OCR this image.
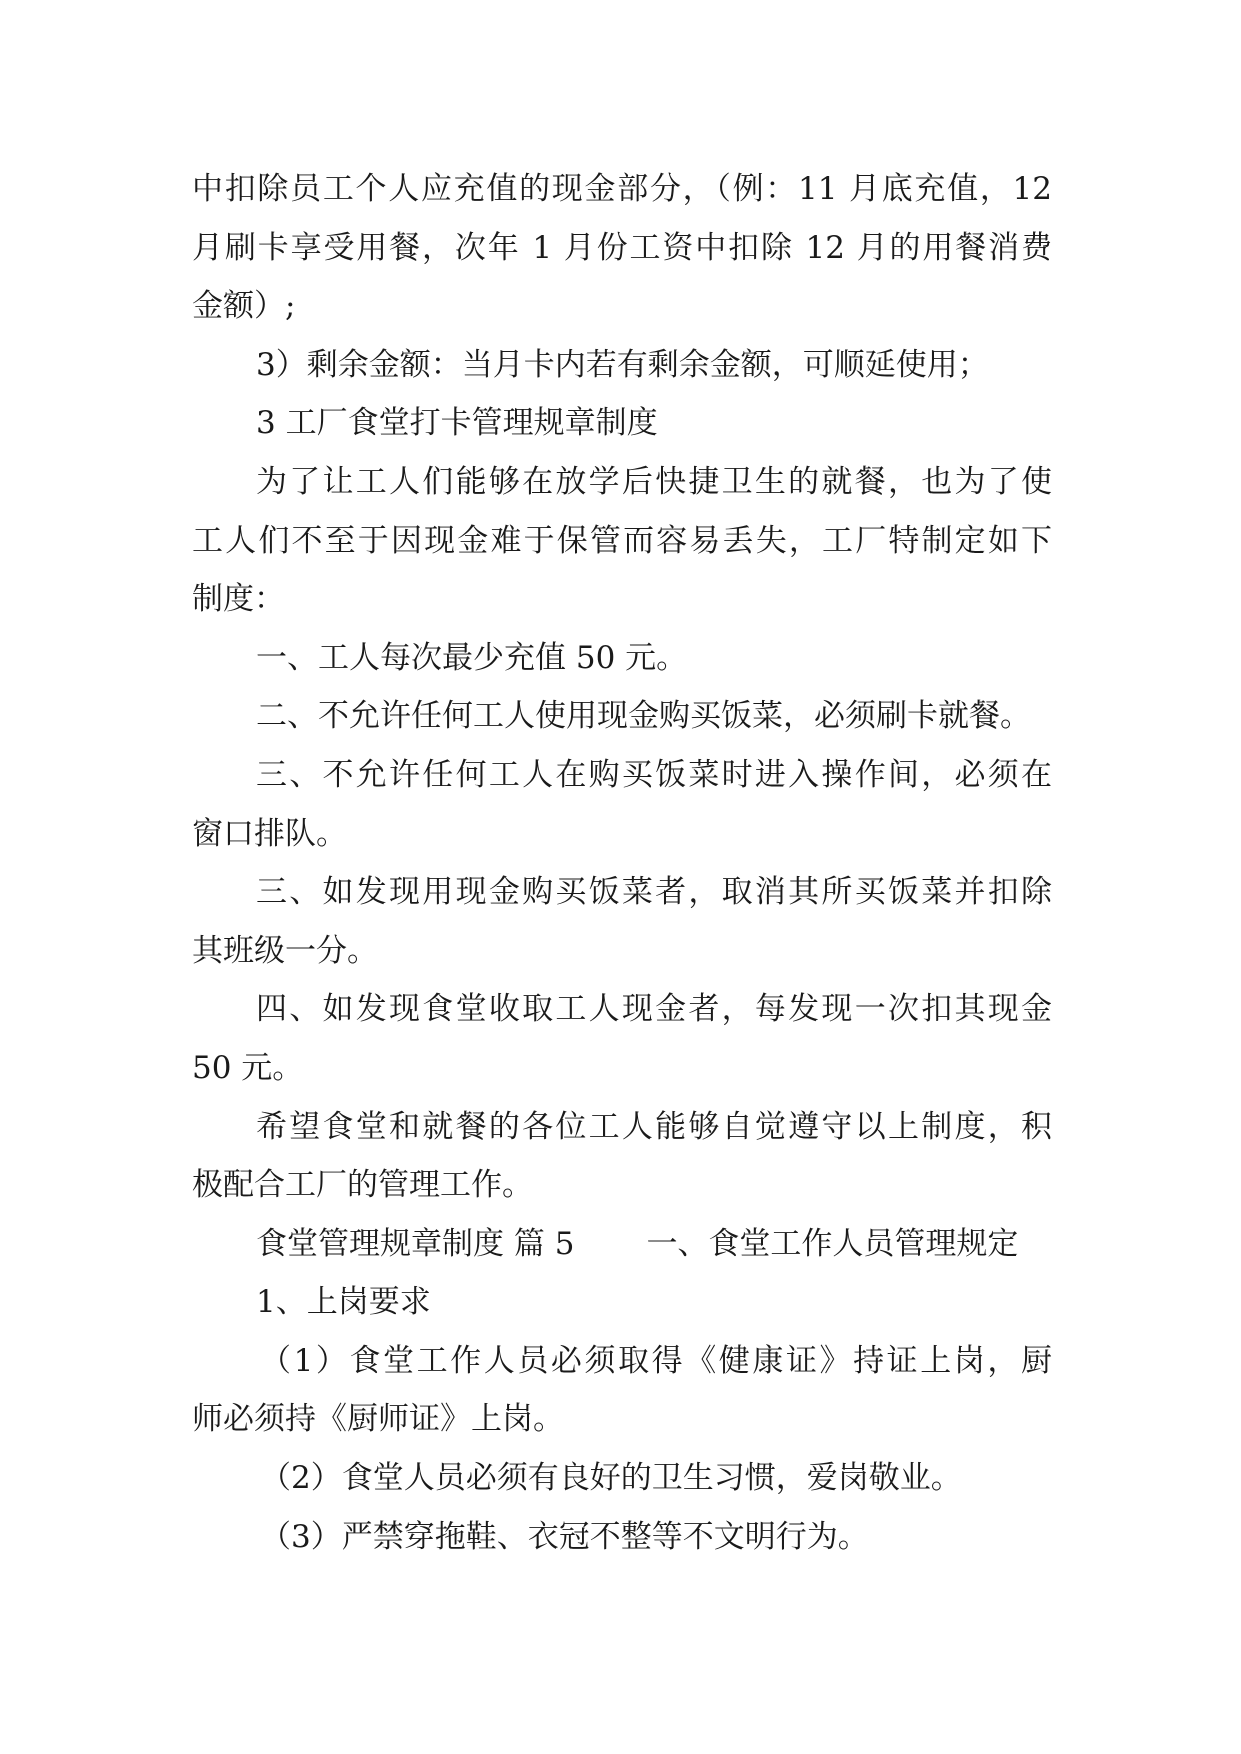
中扣除员工个人应充值的现金部分，（例：11 月底充值，12
月刷卡享受用餐，次年 1 月份工资中扣除 12 月的用餐消费
金额）;
3）剩余金额：当月卡内若有剩余金额，可顺延使用；
3 工厂食堂打卡管理规章制度
为了让工人们能够在放学后快捷卫生的就餐，也为了使
工人们不至于因现金难于保管而容易丢失，工厂特制定如下
制度：
一、工人每次最少充值 50 元。
二、不允许任何工人使用现金购买饭菜，必须刷卡就餐。
三、不允许任何工人在购买饭菜时进入操作间，必须在
窗口排队。
三、如发现用现金购买饭菜者，取消其所买饭菜并扣除
其班级一分。
四、如发现食堂收取工人现金者，每发现一次扣其现金
50 元。
希望食堂和就餐的各位工人能够自觉遵守以上制度，积
极配合工厂的管理工作。
食堂管理规章制度 篇 5 一、食堂工作人员管理规定
1、上岗要求
（1）食堂工作人员必须取得《健康证》持证上岗，厨
师必须持《厨师证》上岗。
（2）食堂人员必须有良好的卫生习惯，爱岗敬业。
（3）严禁穿拖鞋、衣冠不整等不文明行为。
